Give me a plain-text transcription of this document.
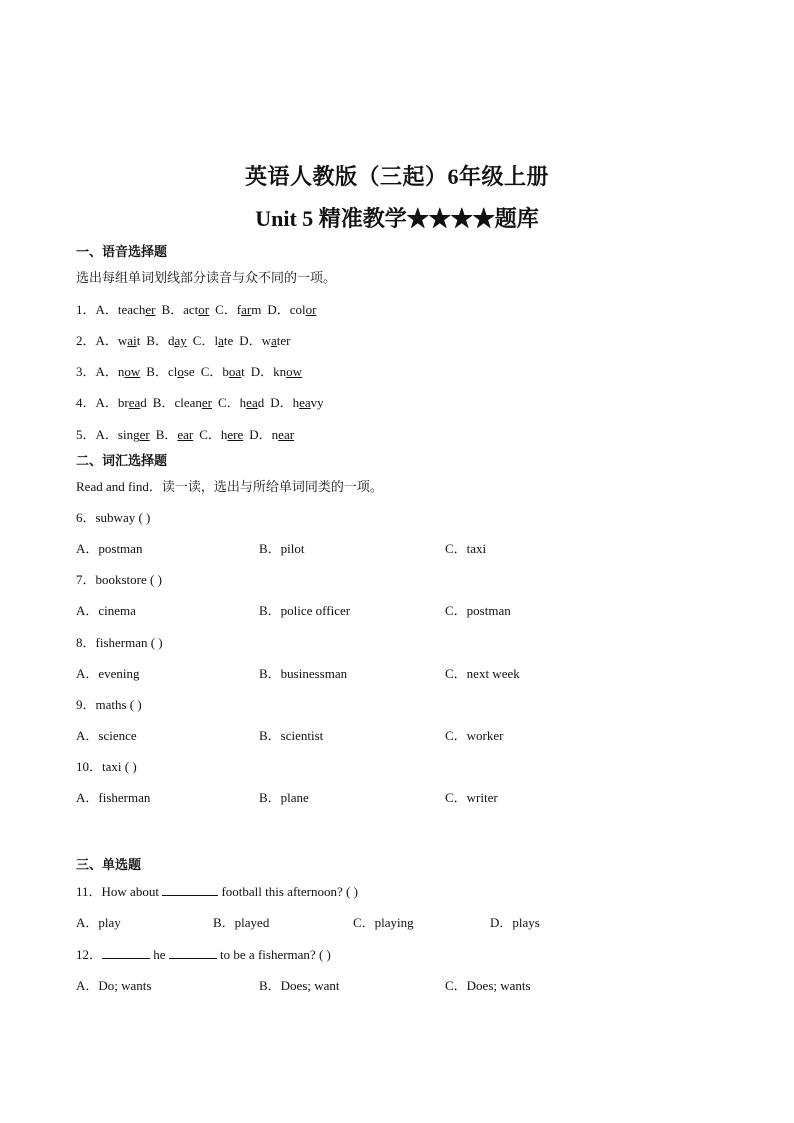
英语人教版（三起）6年级上册
Unit 5 精准教学★★★★题库
一、语音选择题
选出每组单词划线部分读音与众不同的一项。
1．A．teacher B．actor C．farm D．color
2．A．wait B．day C．late D．water
3．A．now B．close C．boat D．know
4．A．bread B．cleaner C．head D．heavy
5．A．singer B．ear C．here D．near
二、词汇选择题
Read and find．读一读，选出与所给单词同类的一项。
6．subway ( )
A．postman	B．pilot	C．taxi
7．bookstore ( )
A．cinema	B．police officer	C．postman
8．fisherman ( )
A．evening	B．businessman	C．next week
9．maths ( )
A．science	B．scientist	C．worker
10．taxi ( )
A．fisherman	B．plane	C．writer
三、单选题
11．How about	football this afternoon? ( )
A．play	B．played	C．playing	D．plays
12．	he	to be a fisherman? ( )
A．Do; wants	B．Does; want	C．Does; wants
